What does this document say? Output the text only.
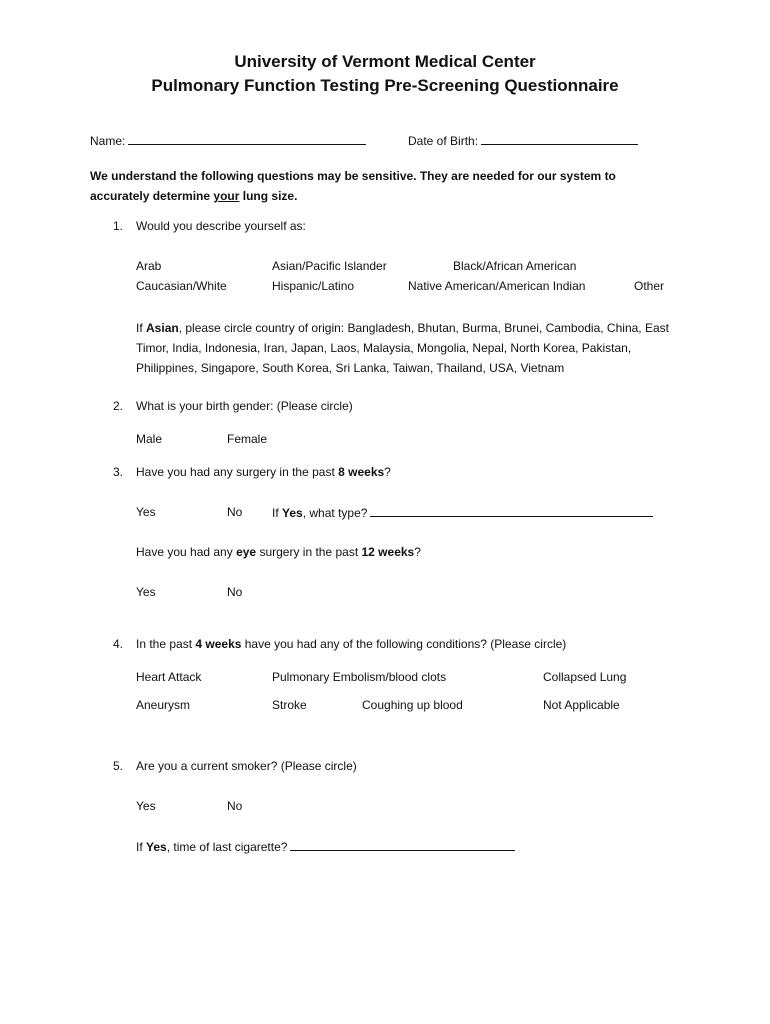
University of Vermont Medical Center
Pulmonary Function Testing Pre-Screening Questionnaire
Name:	Date of Birth:
We understand the following questions may be sensitive. They are needed for our system to accurately determine your lung size.
1. Would you describe yourself as:
Arab	Asian/Pacific Islander	Black/African American
Caucasian/White	Hispanic/Latino	Native American/American Indian	Other
If Asian, please circle country of origin: Bangladesh, Bhutan, Burma, Brunei, Cambodia, China, East Timor, India, Indonesia, Iran, Japan, Laos, Malaysia, Mongolia, Nepal, North Korea, Pakistan, Philippines, Singapore, South Korea, Sri Lanka, Taiwan, Thailand, USA, Vietnam
2. What is your birth gender: (Please circle)
Male	Female
3. Have you had any surgery in the past 8 weeks?
Yes	No If Yes, what type?
Have you had any eye surgery in the past 12 weeks?
Yes	No
4. In the past 4 weeks have you had any of the following conditions? (Please circle)
Heart Attack	Pulmonary Embolism/blood clots	Collapsed Lung
Aneurysm	Stroke	Coughing up blood	Not Applicable
5. Are you a current smoker? (Please circle)
Yes	No
If Yes, time of last cigarette?
